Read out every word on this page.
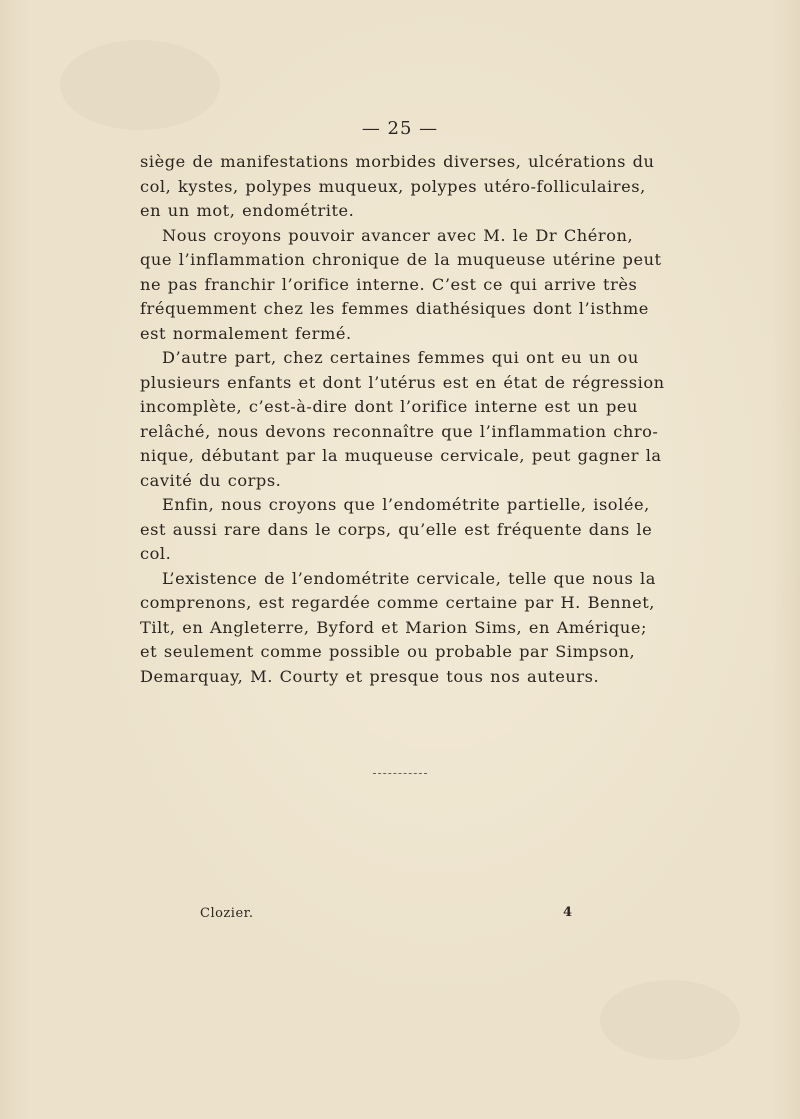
— 25 —

siège de manifestations morbides diverses, ulcérations du
col, kystes, polypes muqueux, polypes utéro-folliculaires,
en un mot, endométrite.

Nous croyons pouvoir avancer avec M. le Dr Chéron,
que l’inflammation chronique de la muqueuse utérine peut
ne pas franchir l’orifice interne. C’est ce qui arrive très
fréquemment chez les femmes diathésiques dont l’isthme
est normalement fermé.

D’autre part, chez certaines femmes qui ont eu un ou
plusieurs enfants et dont l’utérus est en état de régression
incomplète, c’est-à-dire dont l’orifice interne est un peu
relâché, nous devons reconnaître que l’inflammation chro-
nique, débutant par la muqueuse cervicale, peut gagner la
cavité du corps.

Enfin, nous croyons que l’endométrite partielle, isolée,
est aussi rare dans le corps, qu’elle est fréquente dans le
col.

L’existence de l’endométrite cervicale, telle que nous la
comprenons, est regardée comme certaine par H. Bennet,
Tilt, en Angleterre, Byford et Marion Sims, en Amérique;
et seulement comme possible ou probable par Simpson,
Demarquay, M. Courty et presque tous nos auteurs.

Clozier.	4
